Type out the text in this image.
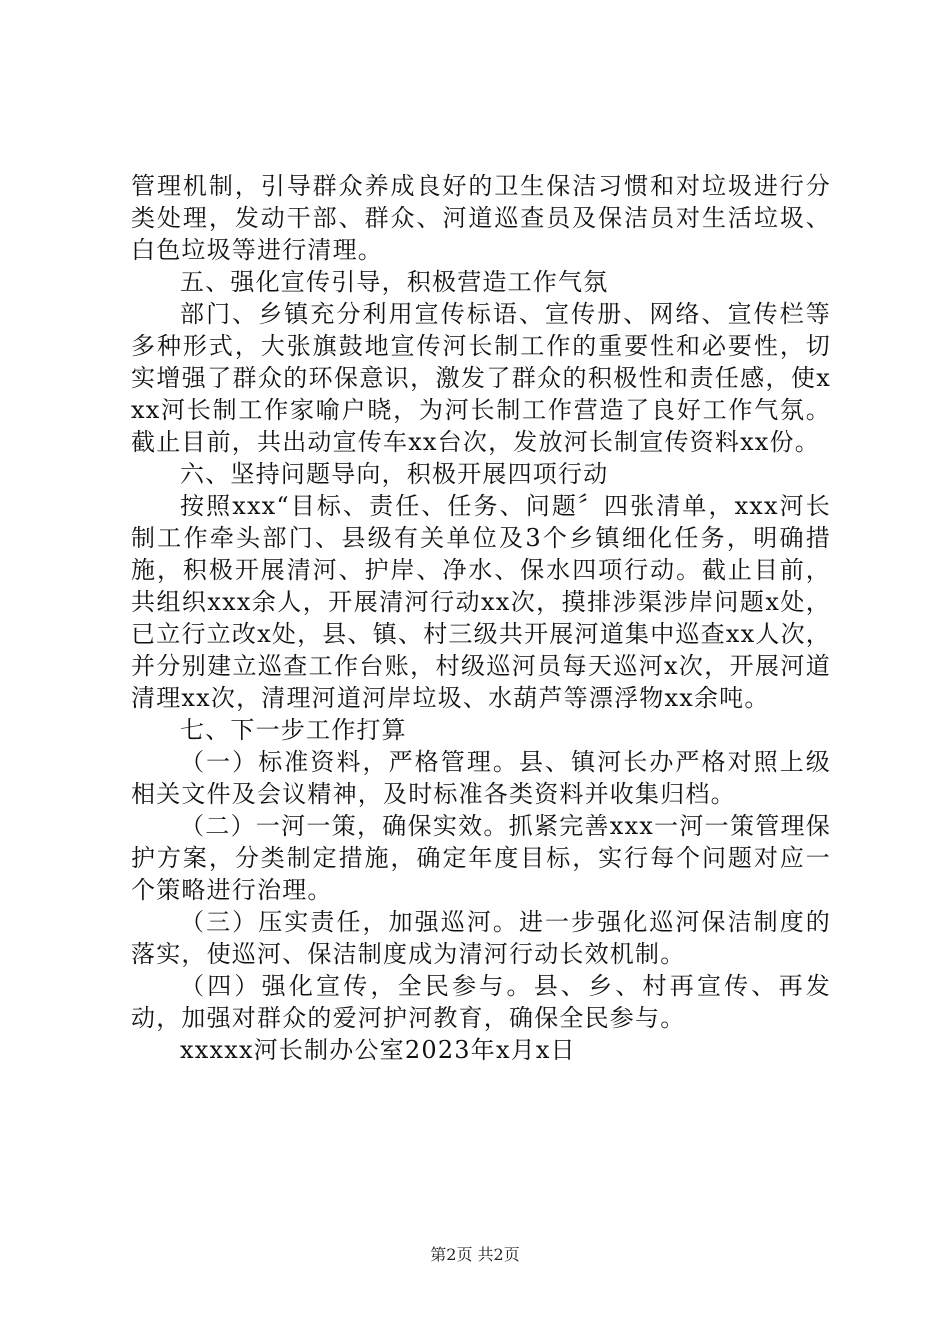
管理机制，引导群众养成良好的卫生保洁习惯和对垃圾进行分类处理，发动干部、群众、河道巡查员及保洁员对生活垃圾、白色垃圾等进行清理。

五、强化宣传引导，积极营造工作气氛

部门、乡镇充分利用宣传标语、宣传册、网络、宣传栏等多种形式，大张旗鼓地宣传河长制工作的重要性和必要性，切实增强了群众的环保意识，激发了群众的积极性和责任感，使xxx河长制工作家喻户晓，为河长制工作营造了良好工作气氛。截止目前，共出动宣传车xx台次，发放河长制宣传资料xx份。

六、坚持问题导向，积极开展四项行动

按照xxx“目标、责任、任务、问题〞四张清单，xxx河长制工作牵头部门、县级有关单位及3个乡镇细化任务，明确措施，积极开展清河、护岸、净水、保水四项行动。截止目前，共组织xxx余人，开展清河行动xx次，摸排涉渠涉岸问题x处，已立行立改x处，县、镇、村三级共开展河道集中巡查xx人次，并分别建立巡查工作台账，村级巡河员每天巡河x次，开展河道清理xx次，清理河道河岸垃圾、水葫芦等漂浮物xx余吨。

七、下一步工作打算

（一）标准资料，严格管理。县、镇河长办严格对照上级相关文件及会议精神，及时标准各类资料并收集归档。

（二）一河一策，确保实效。抓紧完善xxx一河一策管理保护方案，分类制定措施，确定年度目标，实行每个问题对应一个策略进行治理。

（三）压实责任，加强巡河。进一步强化巡河保洁制度的落实，使巡河、保洁制度成为清河行动长效机制。

（四）强化宣传，全民参与。县、乡、村再宣传、再发动，加强对群众的爱河护河教育，确保全民参与。

xxxxx河长制办公室2023年x月x日

第2页 共2页
